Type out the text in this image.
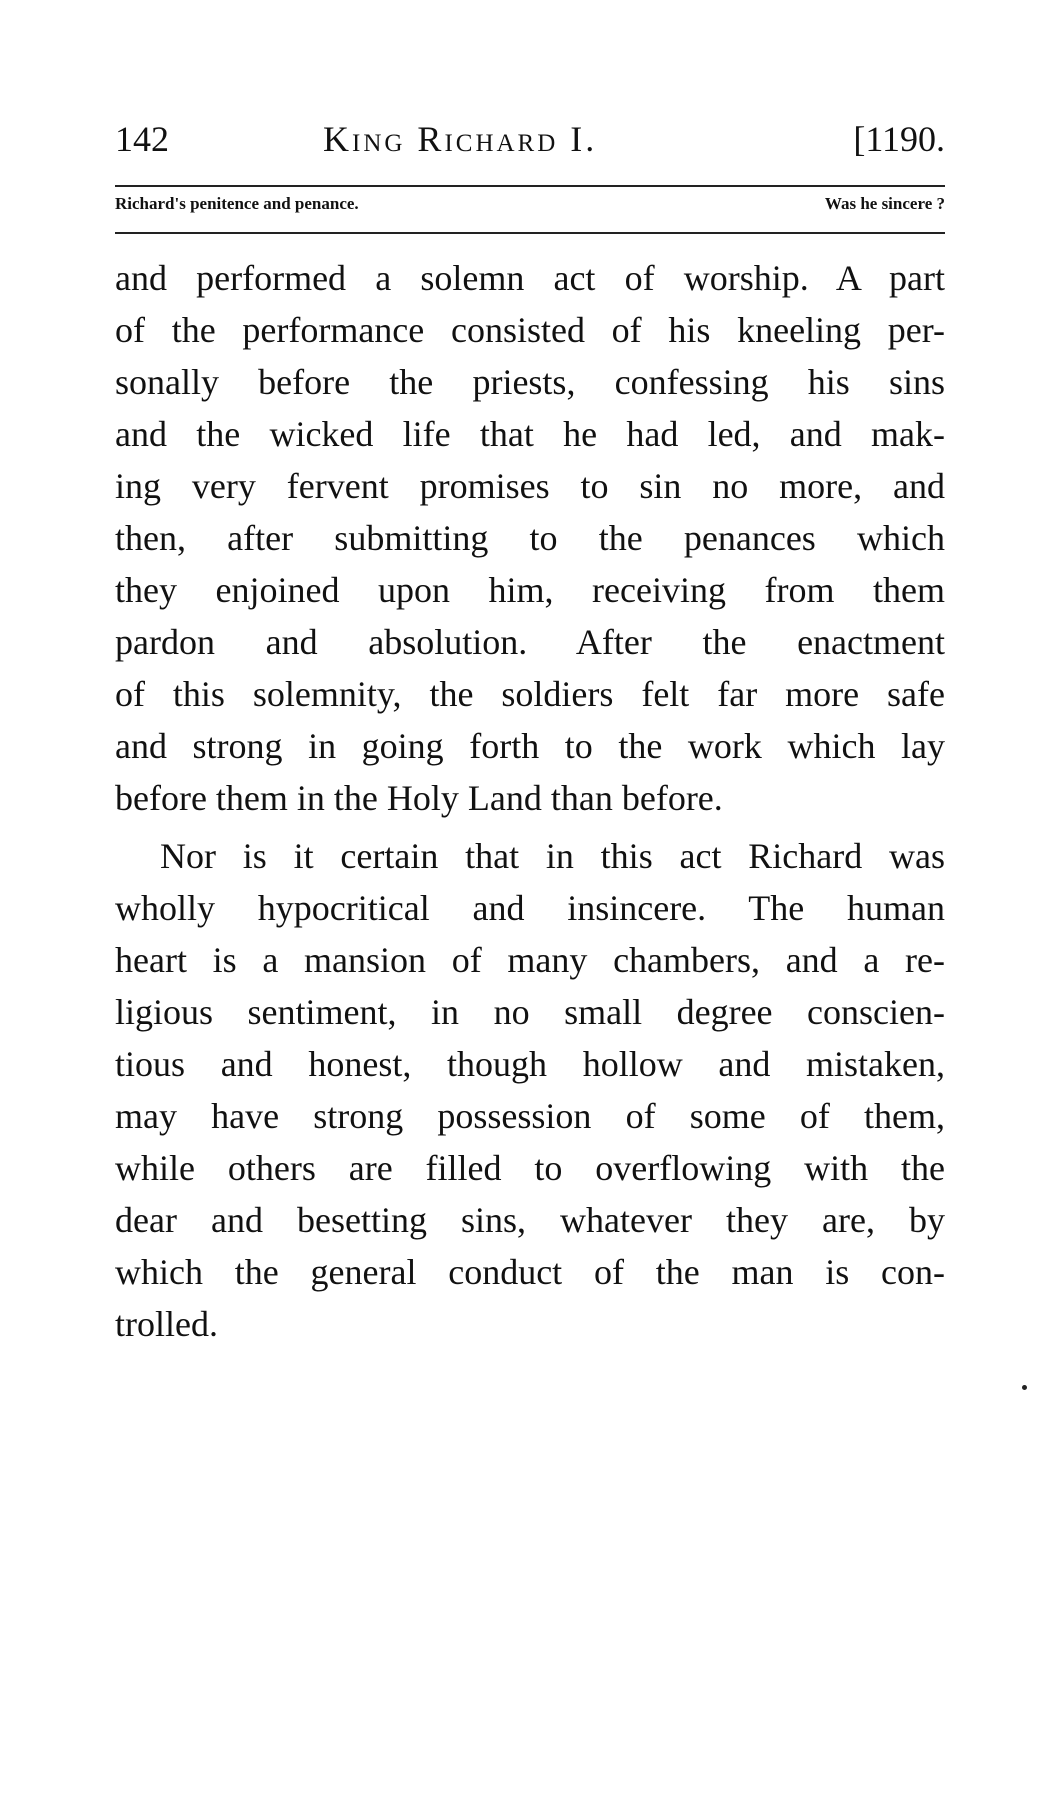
142	King Richard I.	[1190.
Richard's penitence and penance.	Was he sincere ?
and performed a solemn act of worship. A part
of the performance consisted of his kneeling per-
sonally before the priests, confessing his sins
and the wicked life that he had led, and mak-
ing very fervent promises to sin no more, and
then, after submitting to the penances which
they enjoined upon him, receiving from them
pardon and absolution. After the enactment
of this solemnity, the soldiers felt far more safe
and strong in going forth to the work which lay
before them in the Holy Land than before.
Nor is it certain that in this act Richard was
wholly hypocritical and insincere. The human
heart is a mansion of many chambers, and a re-
ligious sentiment, in no small degree conscien-
tious and honest, though hollow and mistaken,
may have strong possession of some of them,
while others are filled to overflowing with the
dear and besetting sins, whatever they are, by
which the general conduct of the man is con-
trolled.
